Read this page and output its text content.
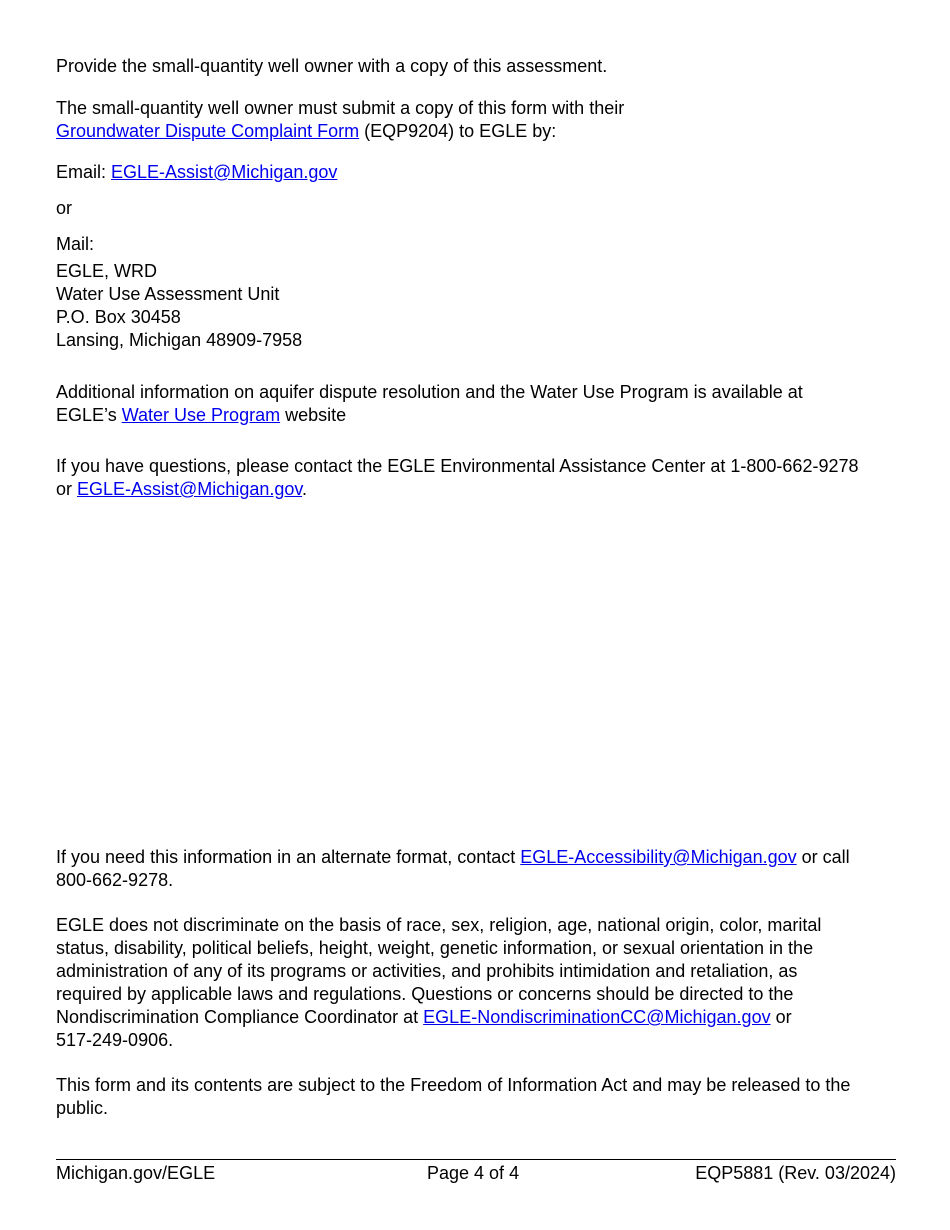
Provide the small-quantity well owner with a copy of this assessment.

The small-quantity well owner must submit a copy of this form with their
Groundwater Dispute Complaint Form (EQP9204) to EGLE by:
Email: EGLE-Assist@Michigan.gov
or
Mail:
EGLE, WRD
Water Use Assessment Unit
P.O. Box 30458
Lansing, Michigan 48909-7958
Additional information on aquifer dispute resolution and the Water Use Program is available at
EGLE’s Water Use Program website
If you have questions, please contact the EGLE Environmental Assistance Center at 1-800-662-9278
or EGLE-Assist@Michigan.gov.
If you need this information in an alternate format, contact EGLE-Accessibility@Michigan.gov or call
800-662-9278.
EGLE does not discriminate on the basis of race, sex, religion, age, national origin, color, marital
status, disability, political beliefs, height, weight, genetic information, or sexual orientation in the
administration of any of its programs or activities, and prohibits intimidation and retaliation, as
required by applicable laws and regulations. Questions or concerns should be directed to the
Nondiscrimination Compliance Coordinator at EGLE-NondiscriminationCC@Michigan.gov or
517-249-0906.
This form and its contents are subject to the Freedom of Information Act and may be released to the
public.
Michigan.gov/EGLE	Page 4 of 4	EQP5881 (Rev. 03/2024)
